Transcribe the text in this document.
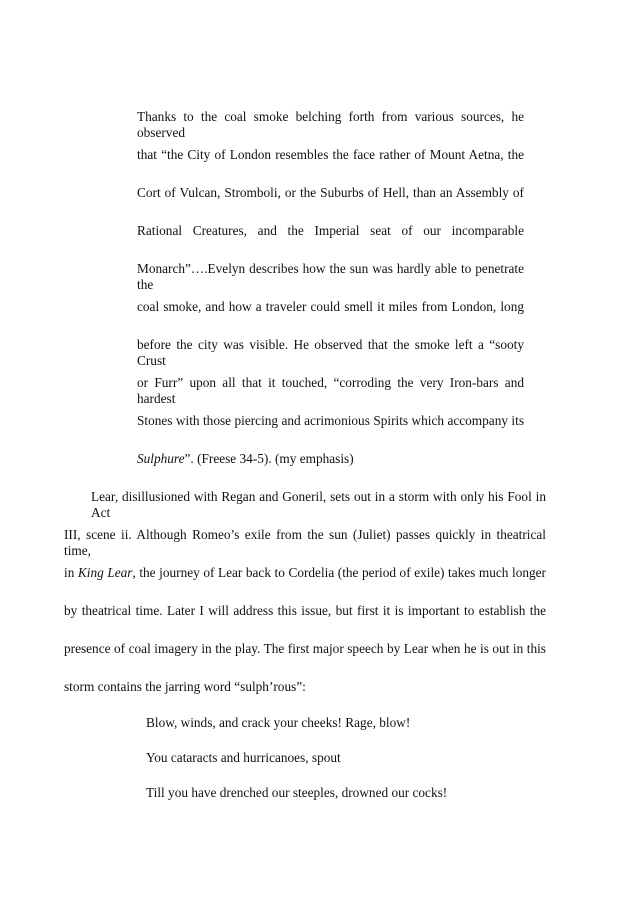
Thanks to the coal smoke belching forth from various sources, he observed
that “the City of London resembles the face rather of Mount Aetna, the
Cort of Vulcan, Stromboli, or the Suburbs of Hell, than an Assembly of
Rational Creatures, and the Imperial seat of our incomparable
Monarch”….Evelyn describes how the sun was hardly able to penetrate the
coal smoke, and how a traveler could smell it miles from London, long
before the city was visible. He observed that the smoke left a “sooty Crust
or Furr” upon all that it touched, “corroding the very Iron-bars and hardest
Stones with those piercing and acrimonious Spirits which accompany its
Sulphure”. (Freese 34-5). (my emphasis)
Lear, disillusioned with Regan and Goneril, sets out in a storm with only his Fool in Act
III, scene ii. Although Romeo’s exile from the sun (Juliet) passes quickly in theatrical time,
in King Lear, the journey of Lear back to Cordelia (the period of exile) takes much longer
by theatrical time. Later I will address this issue, but first it is important to establish the
presence of coal imagery in the play. The first major speech by Lear when he is out in this
storm contains the jarring word “sulph’rous”:
Blow, winds, and crack your cheeks! Rage, blow!
You cataracts and hurricanoes, spout
Till you have drenched our steeples, drowned our cocks!
